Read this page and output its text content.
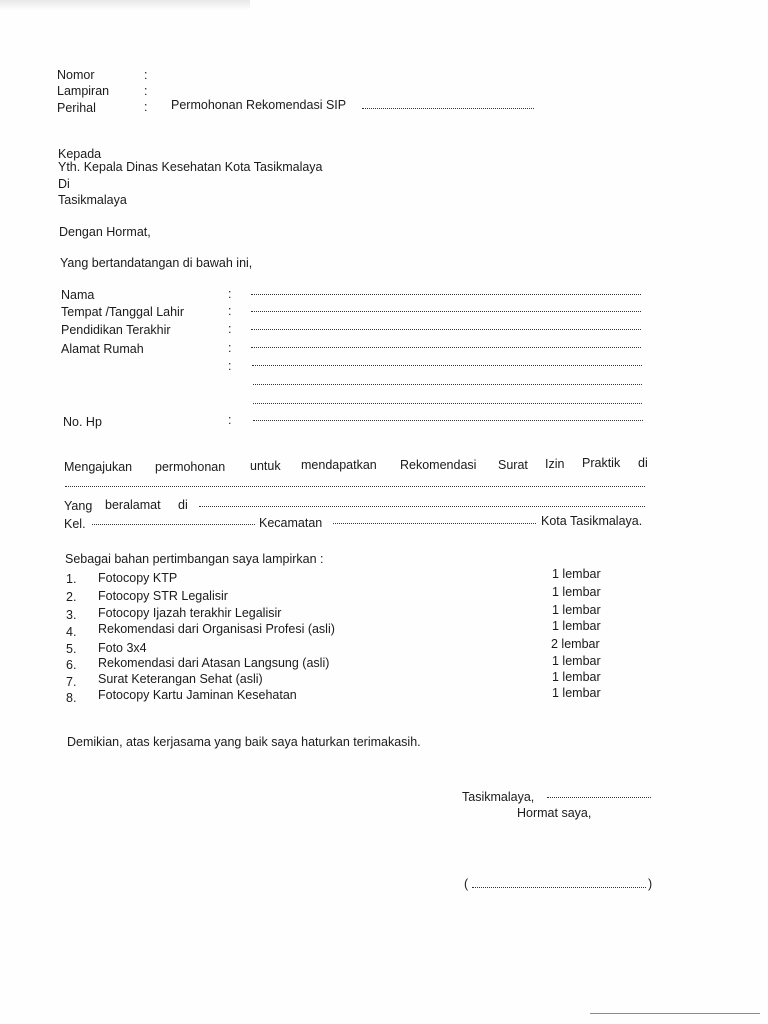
Nomor	:
Lampiran	:
Perihal	: Permohonan Rekomendasi SIP
Kepada
Yth. Kepala Dinas Kesehatan Kota Tasikmalaya
Di
Tasikmalaya
Dengan Hormat,
Yang bertandatangan di bawah ini,
Nama	:
Tempat /Tanggal Lahir	:
Pendidikan Terakhir	:
Alamat Rumah	:
:
No. Hp	:
Mengajukan permohonan untuk mendapatkan Rekomendasi Surat Izin Praktik di
Yang beralamat di
Kel.	Kecamatan	Kota Tasikmalaya.
Sebagai bahan pertimbangan saya lampirkan :
1.	Fotocopy KTP	1 lembar
2.	Fotocopy STR Legalisir	1 lembar
3.	Fotocopy Ijazah terakhir Legalisir	1 lembar
4.	Rekomendasi dari Organisasi Profesi (asli)	1 lembar
5.	Foto 3x4	2 lembar
6.	Rekomendasi dari Atasan Langsung (asli)	1 lembar
7.	Surat Keterangan Sehat (asli)	1 lembar
8.	Fotocopy Kartu Jaminan Kesehatan	1 lembar
Demikian, atas kerjasama yang baik saya haturkan terimakasih.
Tasikmalaya,
Hormat saya,
(	)
